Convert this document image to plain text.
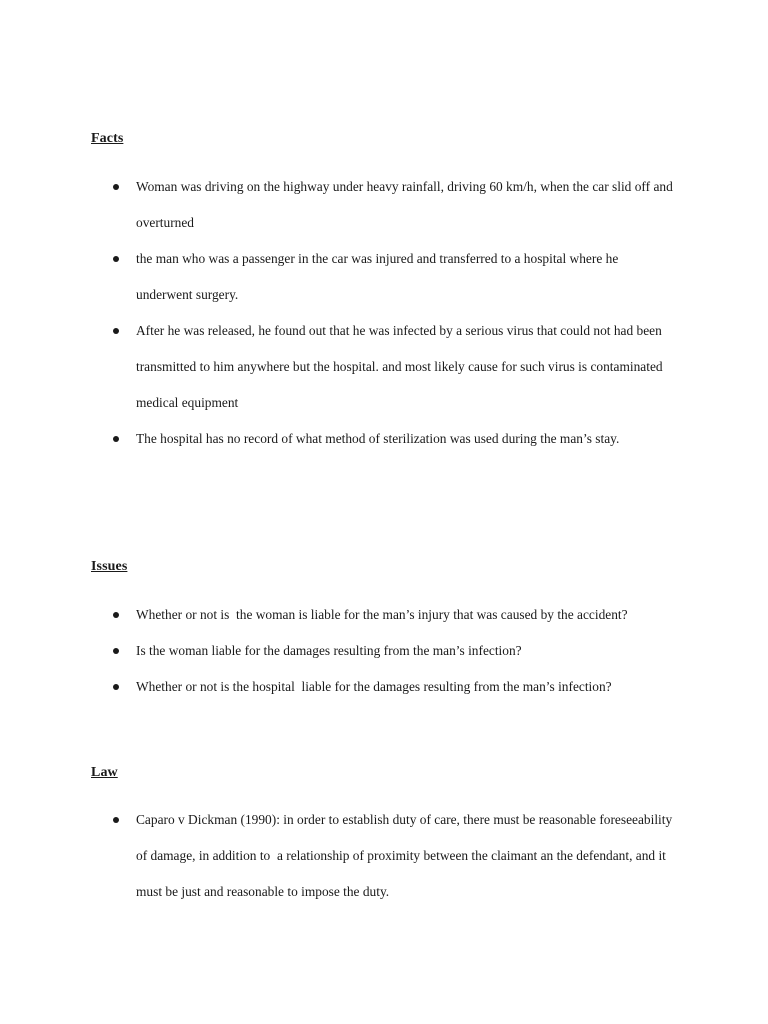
Facts
Woman was driving on the highway under heavy rainfall, driving 60 km/h, when the car slid off and overturned
the man who was a passenger in the car was injured and transferred to a hospital where he underwent surgery.
After he was released, he found out that he was infected by a serious virus that could not had been transmitted to him anywhere but the hospital. and most likely cause for such virus is contaminated medical equipment
The hospital has no record of what method of sterilization was used during the man’s stay.
Issues
Whether or not is  the woman is liable for the man’s injury that was caused by the accident?
Is the woman liable for the damages resulting from the man’s infection?
Whether or not is the hospital  liable for the damages resulting from the man’s infection?
Law
Caparo v Dickman (1990): in order to establish duty of care, there must be reasonable foreseeability of damage, in addition to  a relationship of proximity between the claimant an the defendant, and it must be just and reasonable to impose the duty.
